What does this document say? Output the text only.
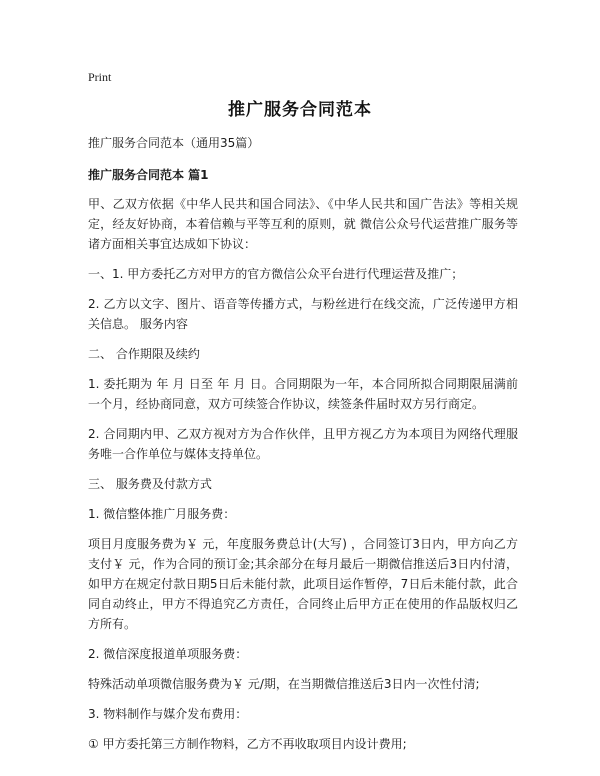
Print
推广服务合同范本

推广服务合同范本（通用35篇）

推广服务合同范本 篇1

甲、乙双方依据《中华人民共和国合同法》、《中华人民共和国广告法》等相关规定，经友好协商，本着信赖与平等互利的原则，就 微信公众号代运营推广服务等诸方面相关事宜达成如下协议：

一、1. 甲方委托乙方对甲方的官方微信公众平台进行代理运营及推广；

2. 乙方以文字、图片、语音等传播方式，与粉丝进行在线交流，广泛传递甲方相关信息。 服务内容

二、 合作期限及续约

1. 委托期为 年 月 日至 年 月 日。合同期限为一年，本合同所拟合同期限届满前一个月，经协商同意，双方可续签合作协议，续签条件届时双方另行商定。

2. 合同期内甲、乙双方视对方为合作伙伴，且甲方视乙方为本项目为网络代理服务唯一合作单位与媒体支持单位。

三、 服务费及付款方式

1. 微信整体推广月服务费：

项目月度服务费为￥ 元，年度服务费总计(大写) ，合同签订3日内，甲方向乙方支付￥ 元，作为合同的预订金;其余部分在每月最后一期微信推送后3日内付清，如甲方在规定付款日期5日后未能付款，此项目运作暂停，7日后未能付款，此合同自动终止，甲方不得追究乙方责任，合同终止后甲方正在使用的作品版权归乙方所有。

2. 微信深度报道单项服务费：

特殊活动单项微信服务费为￥ 元/期，在当期微信推送后3日内一次性付清;

3. 物料制作与媒介发布费用：

① 甲方委托第三方制作物料，乙方不再收取项目内设计费用;
